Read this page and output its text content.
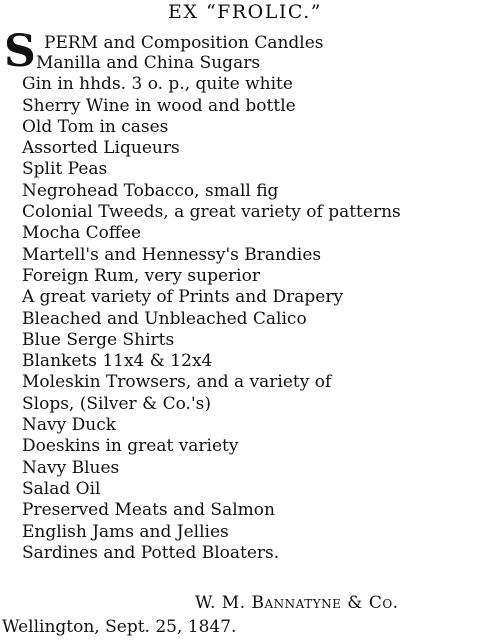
EX “FROLIC.”
S PERM and Composition Candles
Manilla and China Sugars
Gin in hhds. 3 o. p., quite white
Sherry Wine in wood and bottle
Old Tom in cases
Assorted Liqueurs
Split Peas
Negrohead Tobacco, small fig
Colonial Tweeds, a great variety of patterns
Mocha Coffee
Martell's and Hennessy's Brandies
Foreign Rum, very superior
A great variety of Prints and Drapery
Bleached and Unbleached Calico
Blue Serge Shirts
Blankets 11x4 & 12x4
Moleskin Trowsers, and a variety of
Slops, (Silver & Co.'s)
Navy Duck
Doeskins in great variety
Navy Blues
Salad Oil
Preserved Meats and Salmon
English Jams and Jellies
Sardines and Potted Bloaters.
W. M. Bannatyne & Co.
Wellington, Sept. 25, 1847.
